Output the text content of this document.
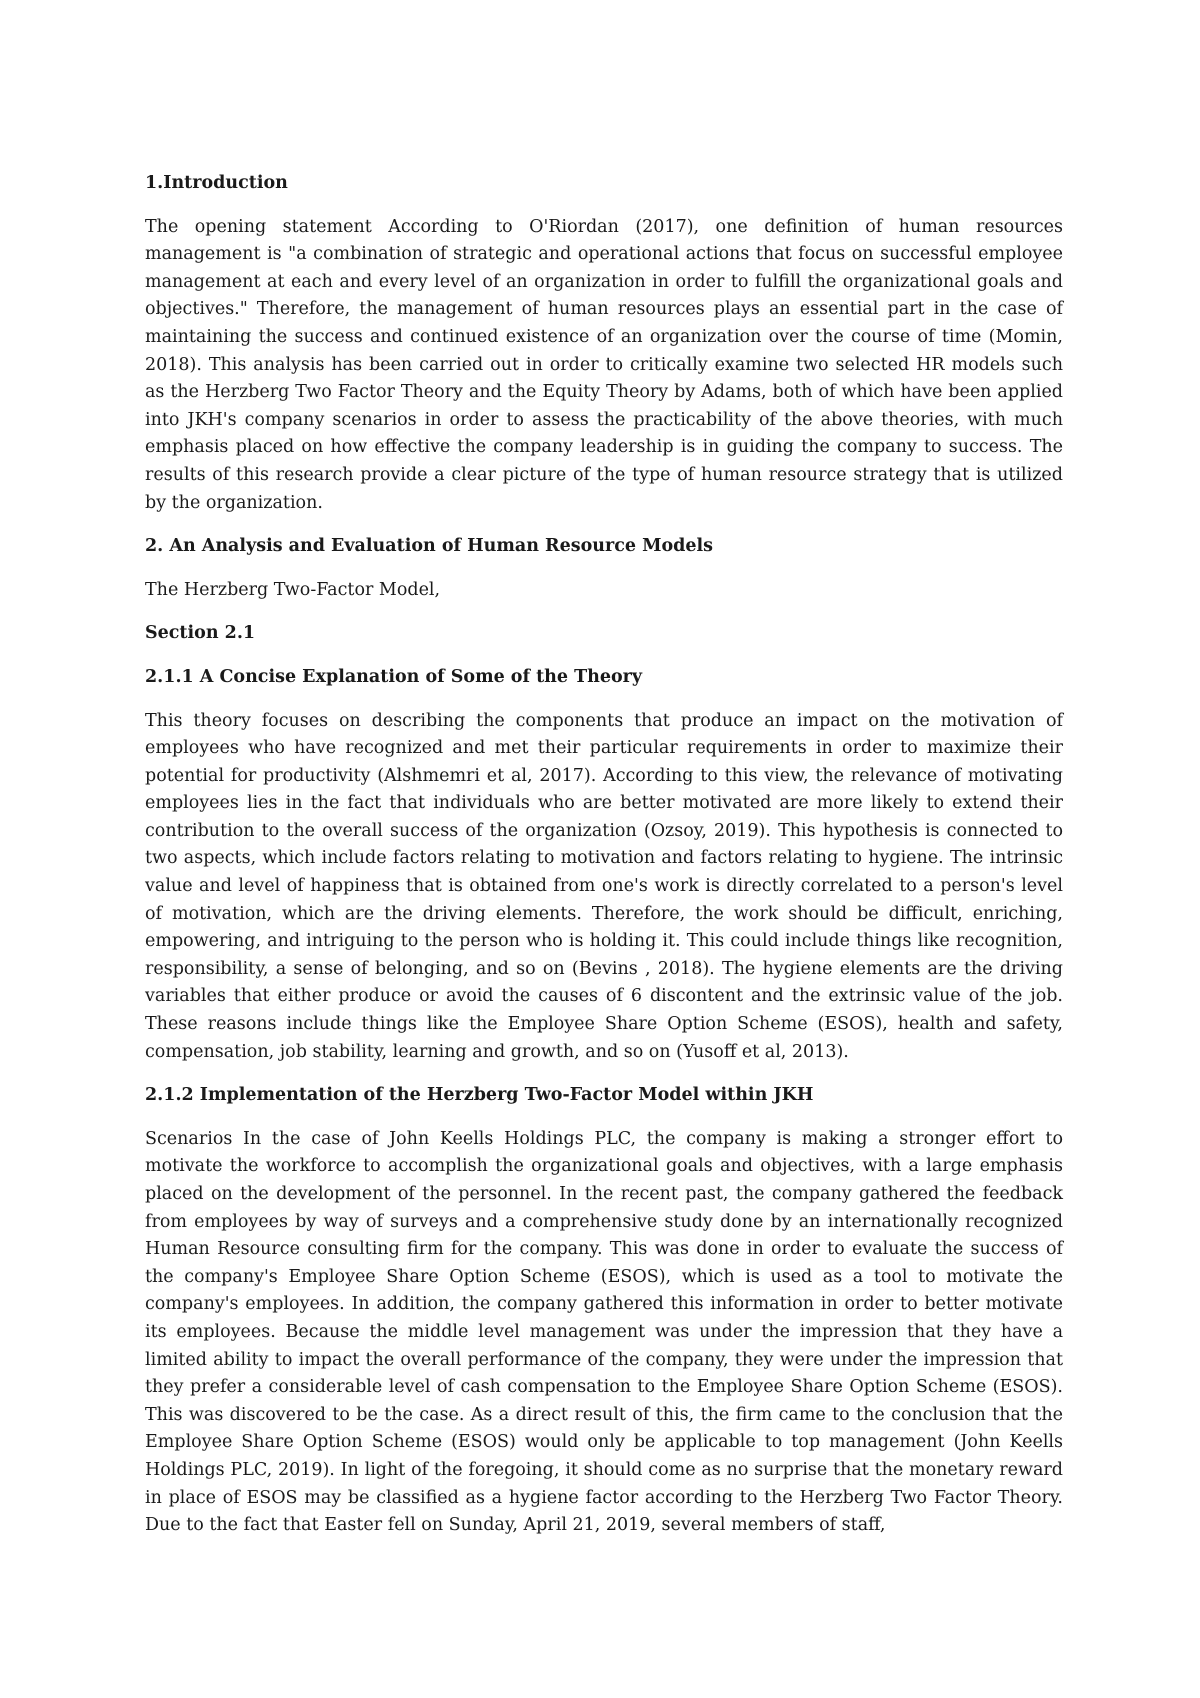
1.Introduction

The opening statement According to O'Riordan (2017), one definition of human resources management is "a combination of strategic and operational actions that focus on successful employee management at each and every level of an organization in order to fulfill the organizational goals and objectives." Therefore, the management of human resources plays an essential part in the case of maintaining the success and continued existence of an organization over the course of time (Momin, 2018). This analysis has been carried out in order to critically examine two selected HR models such as the Herzberg Two Factor Theory and the Equity Theory by Adams, both of which have been applied into JKH's company scenarios in order to assess the practicability of the above theories, with much emphasis placed on how effective the company leadership is in guiding the company to success. The results of this research provide a clear picture of the type of human resource strategy that is utilized by the organization.

2. An Analysis and Evaluation of Human Resource Models

The Herzberg Two-Factor Model,

Section 2.1

2.1.1 A Concise Explanation of Some of the Theory

This theory focuses on describing the components that produce an impact on the motivation of employees who have recognized and met their particular requirements in order to maximize their potential for productivity (Alshmemri et al, 2017). According to this view, the relevance of motivating employees lies in the fact that individuals who are better motivated are more likely to extend their contribution to the overall success of the organization (Ozsoy, 2019). This hypothesis is connected to two aspects, which include factors relating to motivation and factors relating to hygiene. The intrinsic value and level of happiness that is obtained from one's work is directly correlated to a person's level of motivation, which are the driving elements. Therefore, the work should be difficult, enriching, empowering, and intriguing to the person who is holding it. This could include things like recognition, responsibility, a sense of belonging, and so on (Bevins , 2018). The hygiene elements are the driving variables that either produce or avoid the causes of 6 discontent and the extrinsic value of the job. These reasons include things like the Employee Share Option Scheme (ESOS), health and safety, compensation, job stability, learning and growth, and so on (Yusoff et al, 2013).

2.1.2 Implementation of the Herzberg Two-Factor Model within JKH

Scenarios In the case of John Keells Holdings PLC, the company is making a stronger effort to motivate the workforce to accomplish the organizational goals and objectives, with a large emphasis placed on the development of the personnel. In the recent past, the company gathered the feedback from employees by way of surveys and a comprehensive study done by an internationally recognized Human Resource consulting firm for the company. This was done in order to evaluate the success of the company's Employee Share Option Scheme (ESOS), which is used as a tool to motivate the company's employees. In addition, the company gathered this information in order to better motivate its employees. Because the middle level management was under the impression that they have a limited ability to impact the overall performance of the company, they were under the impression that they prefer a considerable level of cash compensation to the Employee Share Option Scheme (ESOS). This was discovered to be the case. As a direct result of this, the firm came to the conclusion that the Employee Share Option Scheme (ESOS) would only be applicable to top management (John Keells Holdings PLC, 2019). In light of the foregoing, it should come as no surprise that the monetary reward in place of ESOS may be classified as a hygiene factor according to the Herzberg Two Factor Theory. Due to the fact that Easter fell on Sunday, April 21, 2019, several members of staff,
